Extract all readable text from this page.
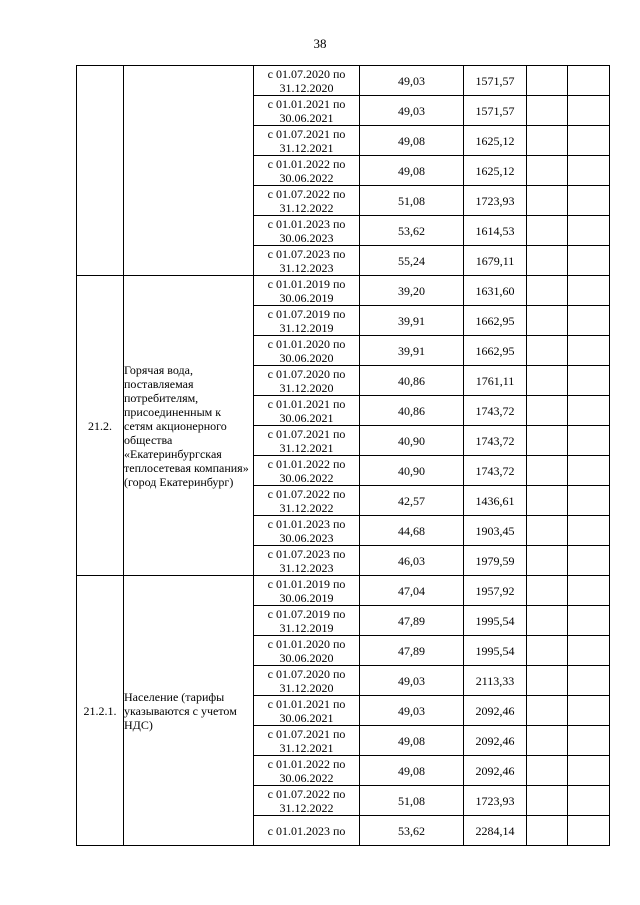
38
		с 01.07.2020 по 31.12.2020	49,03	1571,57		
		с 01.01.2021 по 30.06.2021	49,03	1571,57		
		с 01.07.2021 по 31.12.2021	49,08	1625,12		
		с 01.01.2022 по 30.06.2022	49,08	1625,12		
		с 01.07.2022 по 31.12.2022	51,08	1723,93		
		с 01.01.2023 по 30.06.2023	53,62	1614,53		
		с 01.07.2023 по 31.12.2023	55,24	1679,11		
21.2.	Горячая вода, поставляемая потребителям, присоединенным к сетям акционерного общества «Екатеринбургская теплосетевая компания» (город Екатеринбург)	с 01.01.2019 по 30.06.2019	39,20	1631,60		
		с 01.07.2019 по 31.12.2019	39,91	1662,95		
		с 01.01.2020 по 30.06.2020	39,91	1662,95		
		с 01.07.2020 по 31.12.2020	40,86	1761,11		
		с 01.01.2021 по 30.06.2021	40,86	1743,72		
		с 01.07.2021 по 31.12.2021	40,90	1743,72		
		с 01.01.2022 по 30.06.2022	40,90	1743,72		
		с 01.07.2022 по 31.12.2022	42,57	1436,61		
		с 01.01.2023 по 30.06.2023	44,68	1903,45		
		с 01.07.2023 по 31.12.2023	46,03	1979,59		
21.2.1.	Население (тарифы указываются с учетом НДС)	с 01.01.2019 по 30.06.2019	47,04	1957,92		
		с 01.07.2019 по 31.12.2019	47,89	1995,54		
		с 01.01.2020 по 30.06.2020	47,89	1995,54		
		с 01.07.2020 по 31.12.2020	49,03	2113,33		
		с 01.01.2021 по 30.06.2021	49,03	2092,46		
		с 01.07.2021 по 31.12.2021	49,08	2092,46		
		с 01.01.2022 по 30.06.2022	49,08	2092,46		
		с 01.07.2022 по 31.12.2022	51,08	1723,93		
		с 01.01.2023 по	53,62	2284,14		
